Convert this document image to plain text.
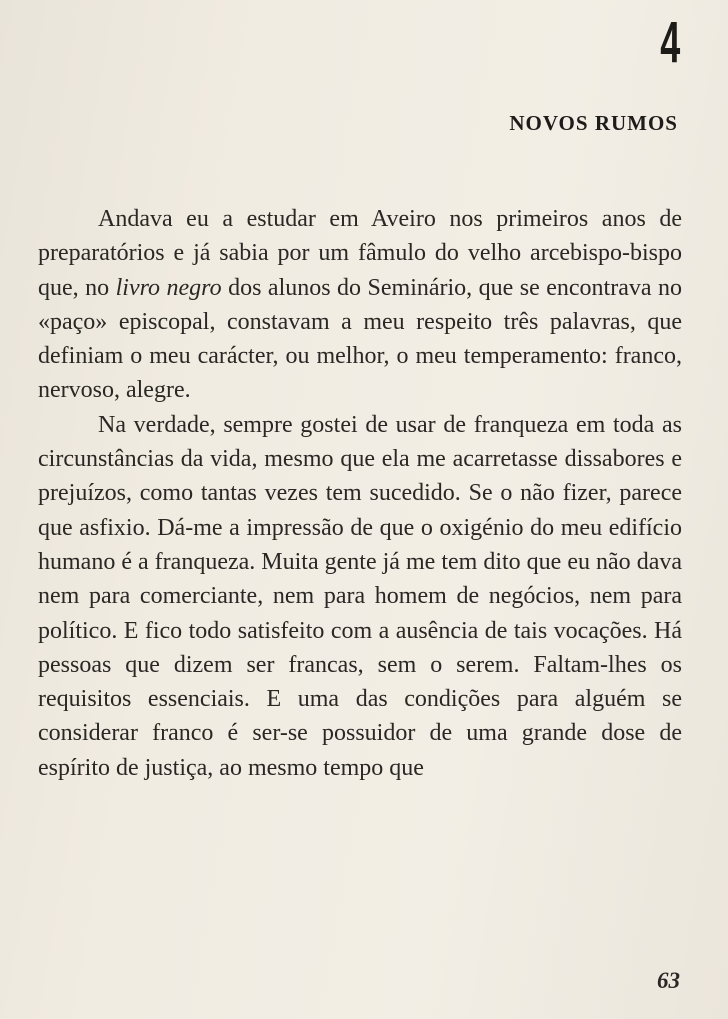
4
NOVOS RUMOS

Andava eu a estudar em Aveiro nos primeiros anos de preparatórios e já sabia por um fâmulo do velho arcebispo-bispo que, no livro negro dos alunos do Seminário, que se encontrava no «paço» episcopal, constavam a meu respeito três palavras, que definiam o meu carácter, ou melhor, o meu temperamento: franco, nervoso, alegre.

Na verdade, sempre gostei de usar de franqueza em toda as circunstâncias da vida, mesmo que ela me acarretasse dissabores e prejuízos, como tantas vezes tem sucedido. Se o não fizer, parece que asfixio. Dá-me a impressão de que o oxigénio do meu edifício humano é a franqueza. Muita gente já me tem dito que eu não dava nem para comerciante, nem para homem de negócios, nem para político. E fico todo satisfeito com a ausência de tais vocações. Há pessoas que dizem ser francas, sem o serem. Faltam-lhes os requisitos essenciais. E uma das condições para alguém se considerar franco é ser-se possuidor de uma grande dose de espírito de justiça, ao mesmo tempo que

63
